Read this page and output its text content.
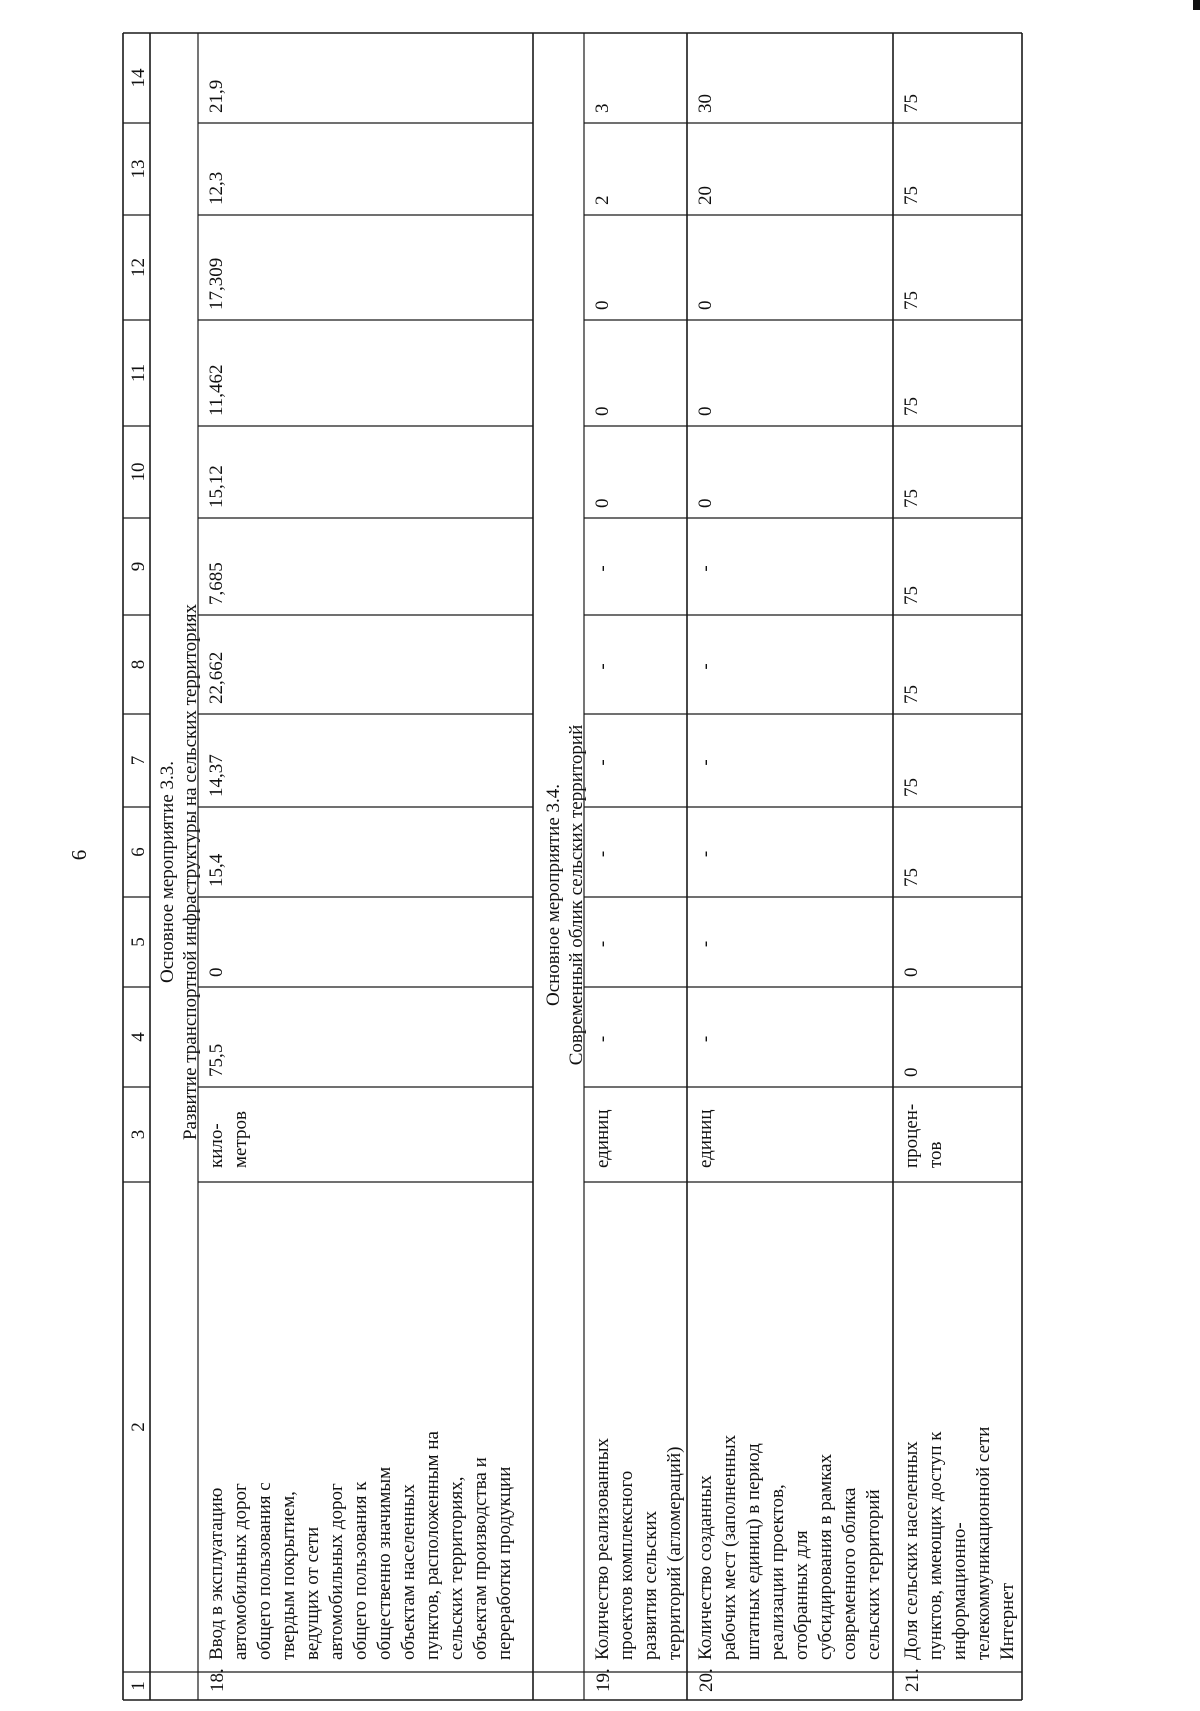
6
1
2
3
4
5
6
7
8
9
10
11
12
13
14
Основное мероприятие 3.3. Развитие транспортной инфраструктуры на сельских территориях	Основное мероприятие 3.4. Современный облик сельских территорий
18.
Ввод в эксплуатацию автомобильных дорог общего пользования с твердым покрытием, ведущих от сети автомобильных дорог общего пользования к общественно значимым объектам населенных пунктов, расположенным на сельских территориях, объектам производства и переработки продукции
кило- метров
75,5
0
15,4
14,37
22,662
7,685
15,12
11,462
17,309
12,3
21,9
19.
Количество реализованных проектов комплексного развития сельских территорий (агломераций)
единиц
-
-
-
-
-
-
0
0
0
2
3
20.
Количество созданных рабочих мест (заполненных штатных единиц) в период реализации проектов, отобранных для субсидирования в рамках современного облика сельских территорий
единиц
-
-
-
-
-
-
0
0
0
20
30
21.
Доля сельских населенных пунктов, имеющих доступ к информационно- телекоммуникационной сети Интернет
процен- тов
0
0
75
75
75
75
75
75
75
75
75
